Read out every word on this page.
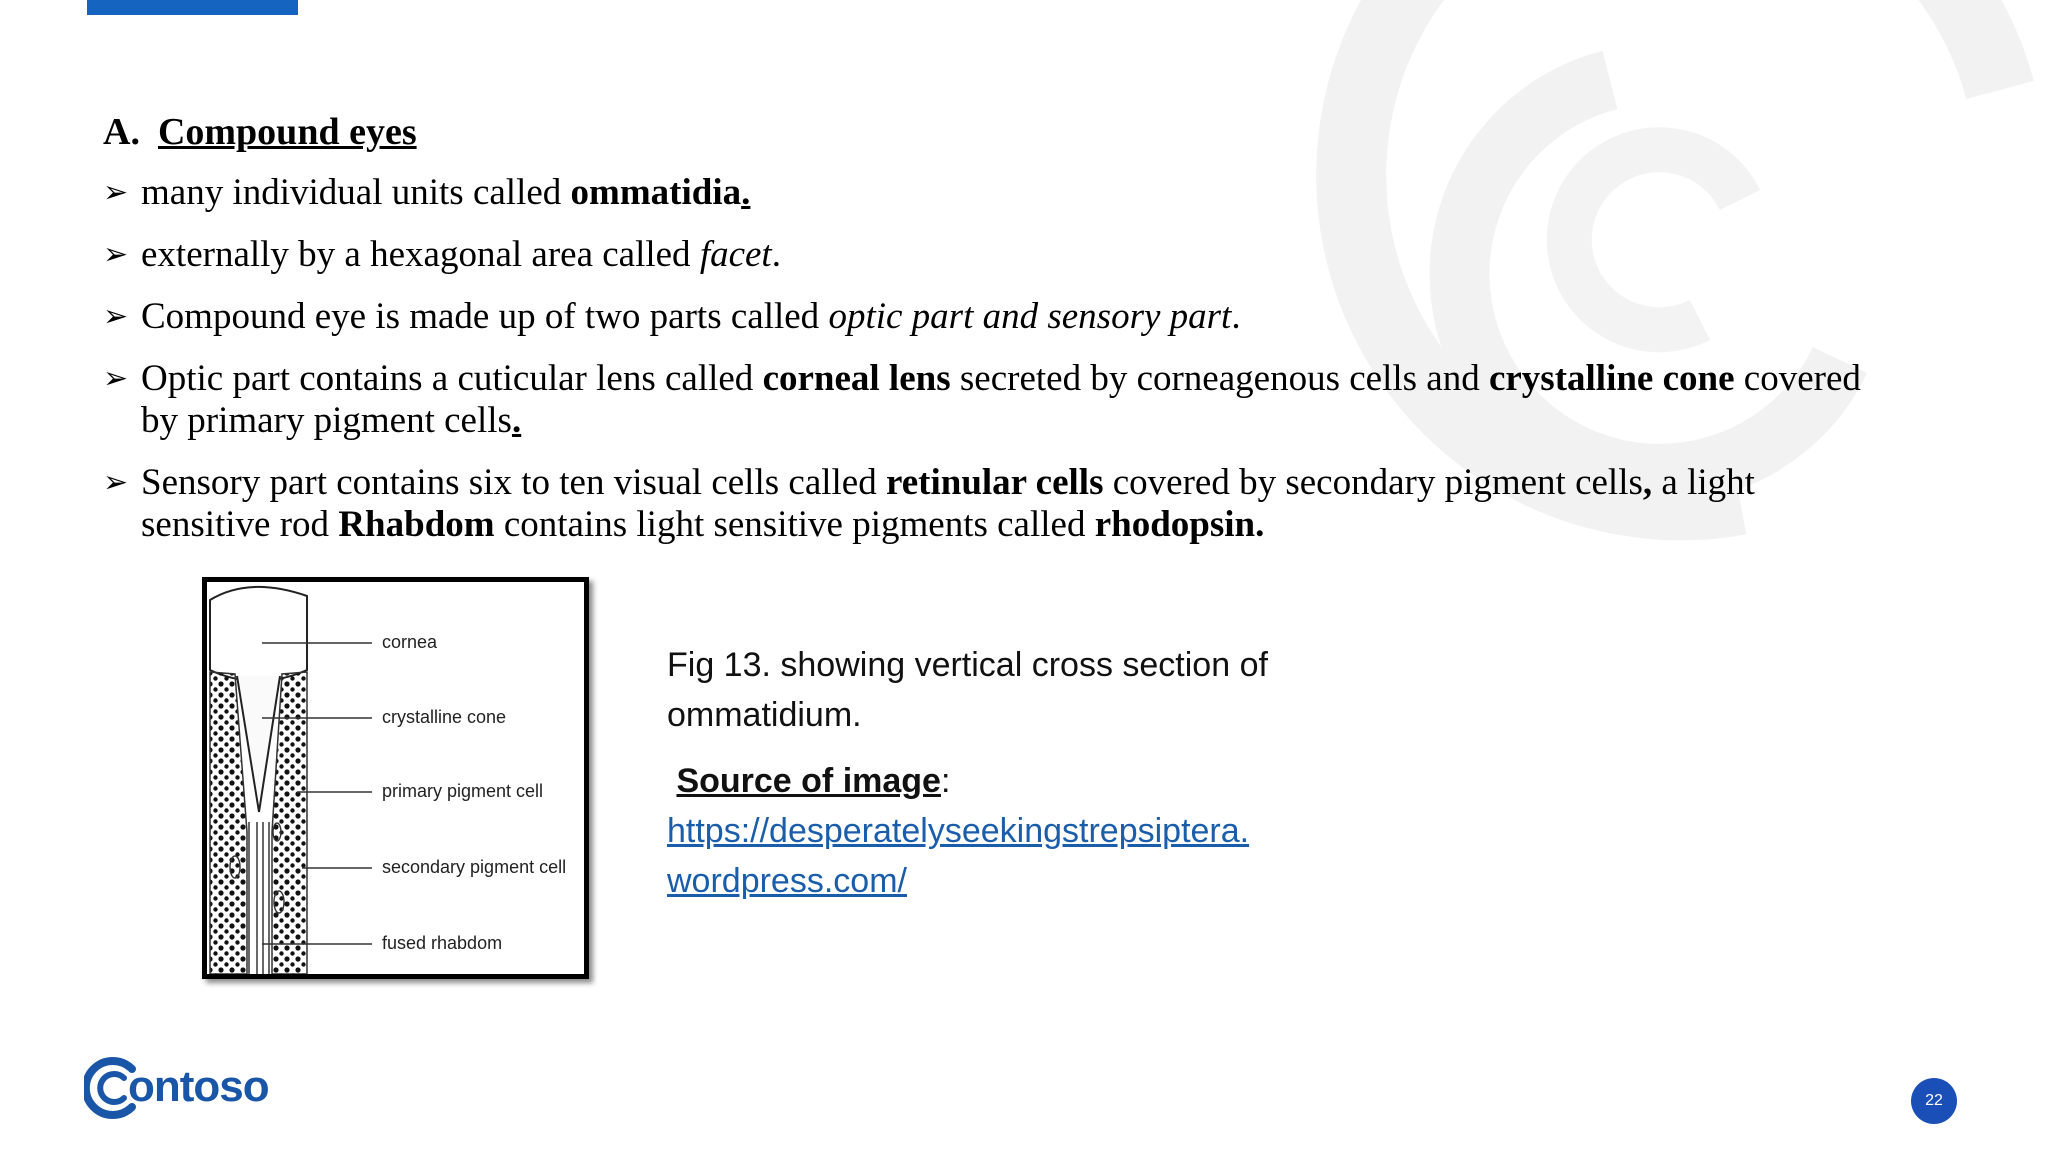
A. Compound eyes
➢ many individual units called ommatidia.
➢ externally by a hexagonal area called facet.
➢ Compound eye is made up of two parts called optic part and sensory part.
➢ Optic part contains a cuticular lens called corneal lens secreted by corneagenous cells and crystalline cone covered by primary pigment cells.
➢ Sensory part contains six to ten visual cells called retinular cells covered by secondary pigment cells, a light sensitive rod Rhabdom contains light sensitive pigments called rhodopsin.
cornea
crystalline cone
primary pigment cell
secondary pigment cell
fused rhabdom
Fig 13. showing vertical cross section of ommatidium.
Source of image:
https://desperatelyseekingstrepsiptera.
wordpress.com/
ontoso	22
